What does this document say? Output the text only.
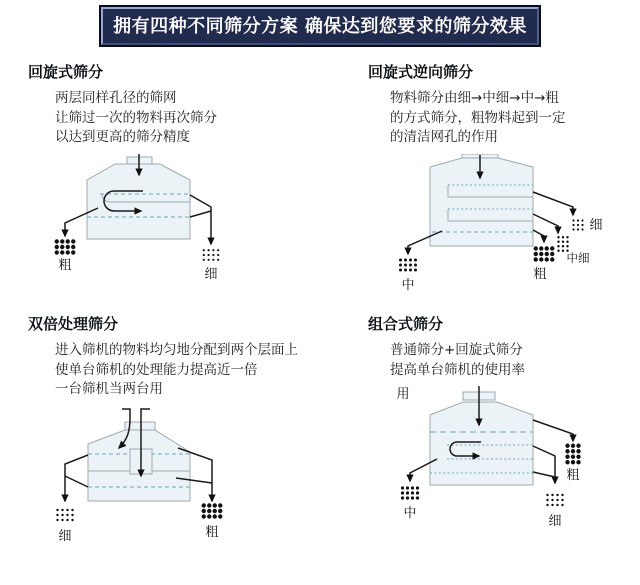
拥有四种不同筛分方案 确保达到您要求的筛分效果
回旋式筛分
两层同样孔径的筛网
让筛过一次的物料再次筛分
以达到更高的筛分精度
粗
细
回旋式逆向筛分
物料筛分由细→中细→中→粗
的方式筛分，粗物料起到一定
的清洁网孔的作用
细
中细
粗
中
双倍处理筛分
进入筛机的物料均匀地分配到两个层面上
使单台筛机的处理能力提高近一倍
一台筛机当两台用
细	粗
组合式筛分
普通筛分+回旋式筛分
提高单台筛机的使用率
用
粗
细
中
